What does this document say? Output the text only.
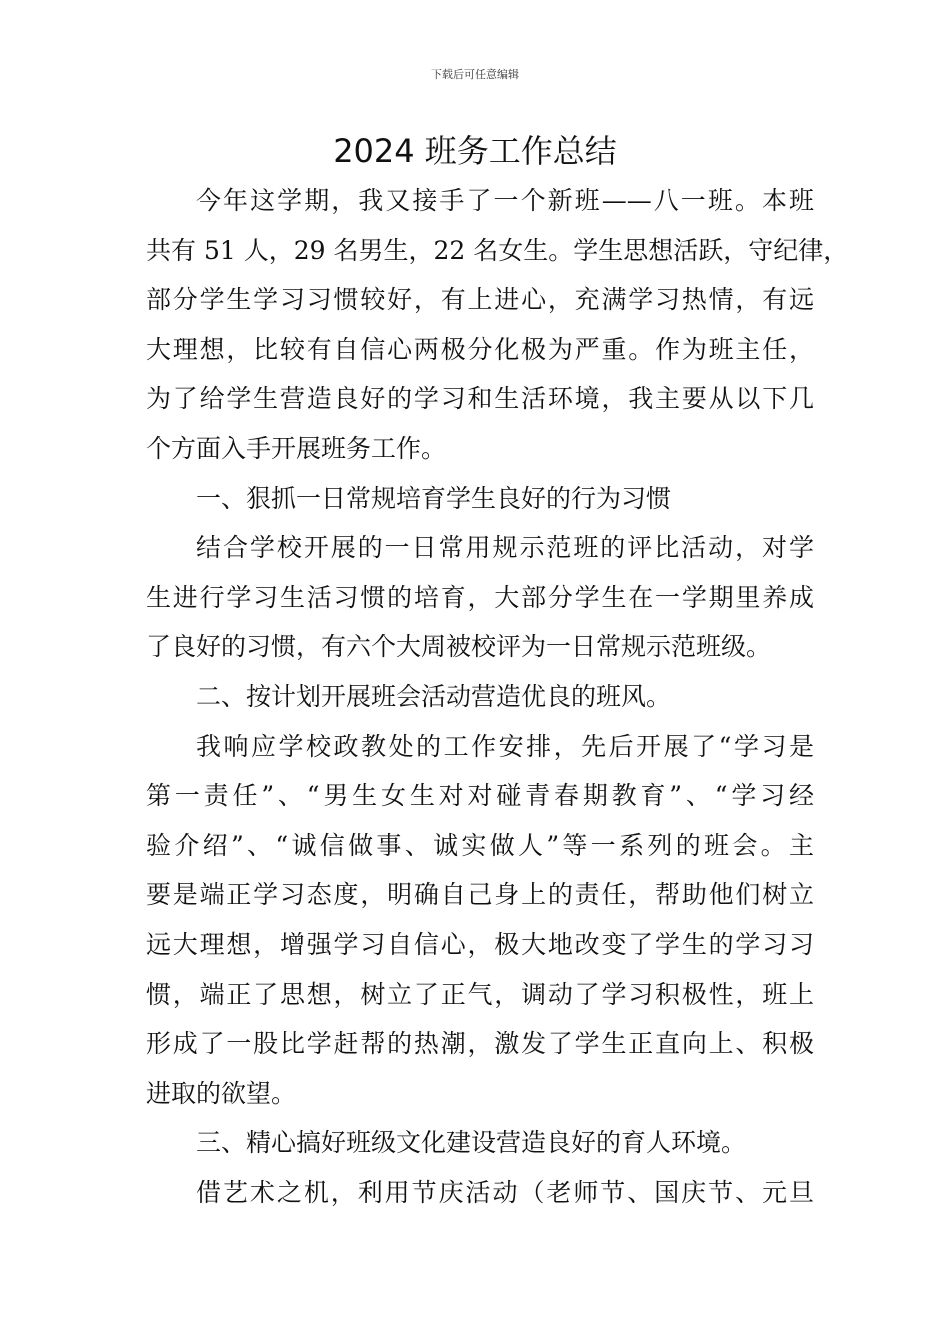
下载后可任意编辑
2024 班务工作总结
今年这学期，我又接手了一个新班——八一班。本班
共有 51 人，29 名男生，22 名女生。学生思想活跃，守纪律，
部分学生学习习惯较好，有上进心，充满学习热情，有远
大理想，比较有自信心两极分化极为严重。作为班主任，
为了给学生营造良好的学习和生活环境，我主要从以下几
个方面入手开展班务工作。
一、狠抓一日常规培育学生良好的行为习惯
结合学校开展的一日常用规示范班的评比活动，对学
生进行学习生活习惯的培育，大部分学生在一学期里养成
了良好的习惯，有六个大周被校评为一日常规示范班级。
二、按计划开展班会活动营造优良的班风。
我响应学校政教处的工作安排，先后开展了“学习是
第一责任”、“男生女生对对碰青春期教育”、“学习经
验介绍”、“诚信做事、诚实做人”等一系列的班会。主
要是端正学习态度，明确自己身上的责任，帮助他们树立
远大理想，增强学习自信心，极大地改变了学生的学习习
惯，端正了思想，树立了正气，调动了学习积极性，班上
形成了一股比学赶帮的热潮，激发了学生正直向上、积极
进取的欲望。
三、精心搞好班级文化建设营造良好的育人环境。
借艺术之机，利用节庆活动（老师节、国庆节、元旦
